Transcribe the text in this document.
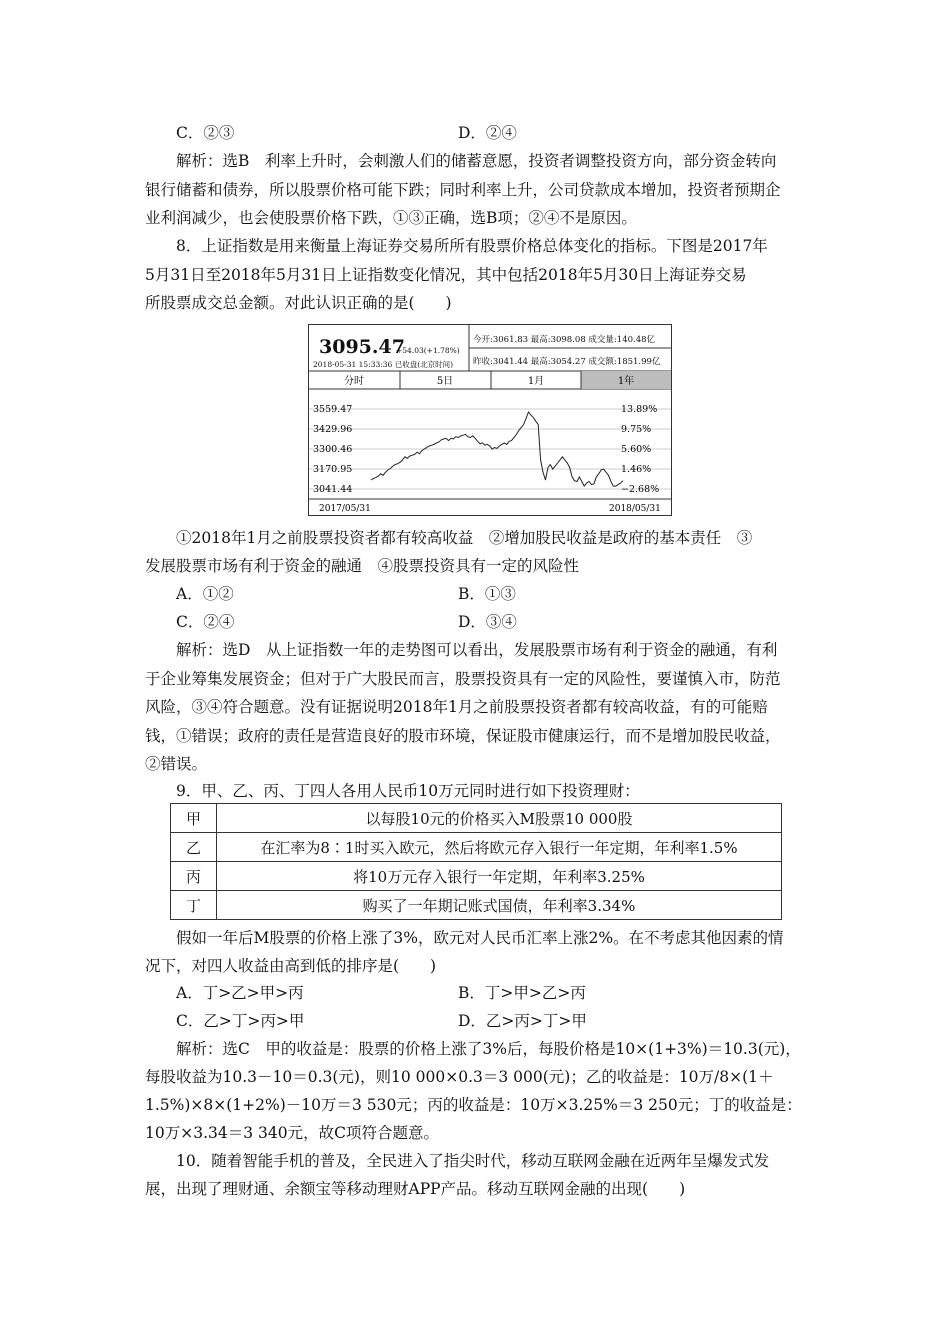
C．②③	D．②④
解析：选B　利率上升时，会刺激人们的储蓄意愿，投资者调整投资方向，部分资金转向
银行储蓄和债券，所以股票价格可能下跌；同时利率上升，公司贷款成本增加，投资者预期企
业利润减少，也会使股票价格下跌，①③正确，选B项；②④不是原因。
8．上证指数是用来衡量上海证券交易所所有股票价格总体变化的指标。下图是2017年
5月31日至2018年5月31日上证指数变化情况，其中包括2018年5月30日上海证券交易
所股票成交总金额。对此认识正确的是(　　)
3095.47
+54.03(+1.78%)
2018-05-31 15:33:36 已收盘(北京时间)
今开:3061.83 最高:3098.08 成交量:140.48亿
昨收:3041.44 最高:3054.27 成交额:1851.99亿
分时	5日	1月	1年
3559.47	13.89%
3429.96	9.75%
3300.46	5.60%
3170.95	1.46%
3041.44	−2.68%
2017/05/31	2018/05/31
①2018年1月之前股票投资者都有较高收益　②增加股民收益是政府的基本责任　③
发展股票市场有利于资金的融通　④股票投资具有一定的风险性
A．①②	B．①③
C．②④	D．③④
解析：选D　从上证指数一年的走势图可以看出，发展股票市场有利于资金的融通，有利
于企业筹集发展资金；但对于广大股民而言，股票投资具有一定的风险性，要谨慎入市，防范
风险，③④符合题意。没有证据说明2018年1月之前股票投资者都有较高收益，有的可能赔
钱，①错误；政府的责任是营造良好的股市环境，保证股市健康运行，而不是增加股民收益，
②错误。
9．甲、乙、丙、丁四人各用人民币10万元同时进行如下投资理财：
甲	以每股10元的价格买入M股票10 000股
乙	在汇率为8∶1时买入欧元，然后将欧元存入银行一年定期，年利率1.5%
丙	将10万元存入银行一年定期，年利率3.25%
丁	购买了一年期记账式国债，年利率3.34%
假如一年后M股票的价格上涨了3%，欧元对人民币汇率上涨2%。在不考虑其他因素的情
况下，对四人收益由高到低的排序是(　　)
A．丁>乙>甲>丙	B．丁>甲>乙>丙
C．乙>丁>丙>甲	D．乙>丙>丁>甲
解析：选C　甲的收益是：股票的价格上涨了3%后，每股价格是10×(1+3%)＝10.3(元)，
每股收益为10.3－10＝0.3(元)，则10 000×0.3＝3 000(元)；乙的收益是：10万/8×(1＋
1.5%)×8×(1+2%)－10万＝3 530元；丙的收益是：10万×3.25%＝3 250元；丁的收益是：
10万×3.34＝3 340元，故C项符合题意。
10．随着智能手机的普及，全民进入了指尖时代，移动互联网金融在近两年呈爆发式发
展，出现了理财通、余额宝等移动理财APP产品。移动互联网金融的出现(　　)
